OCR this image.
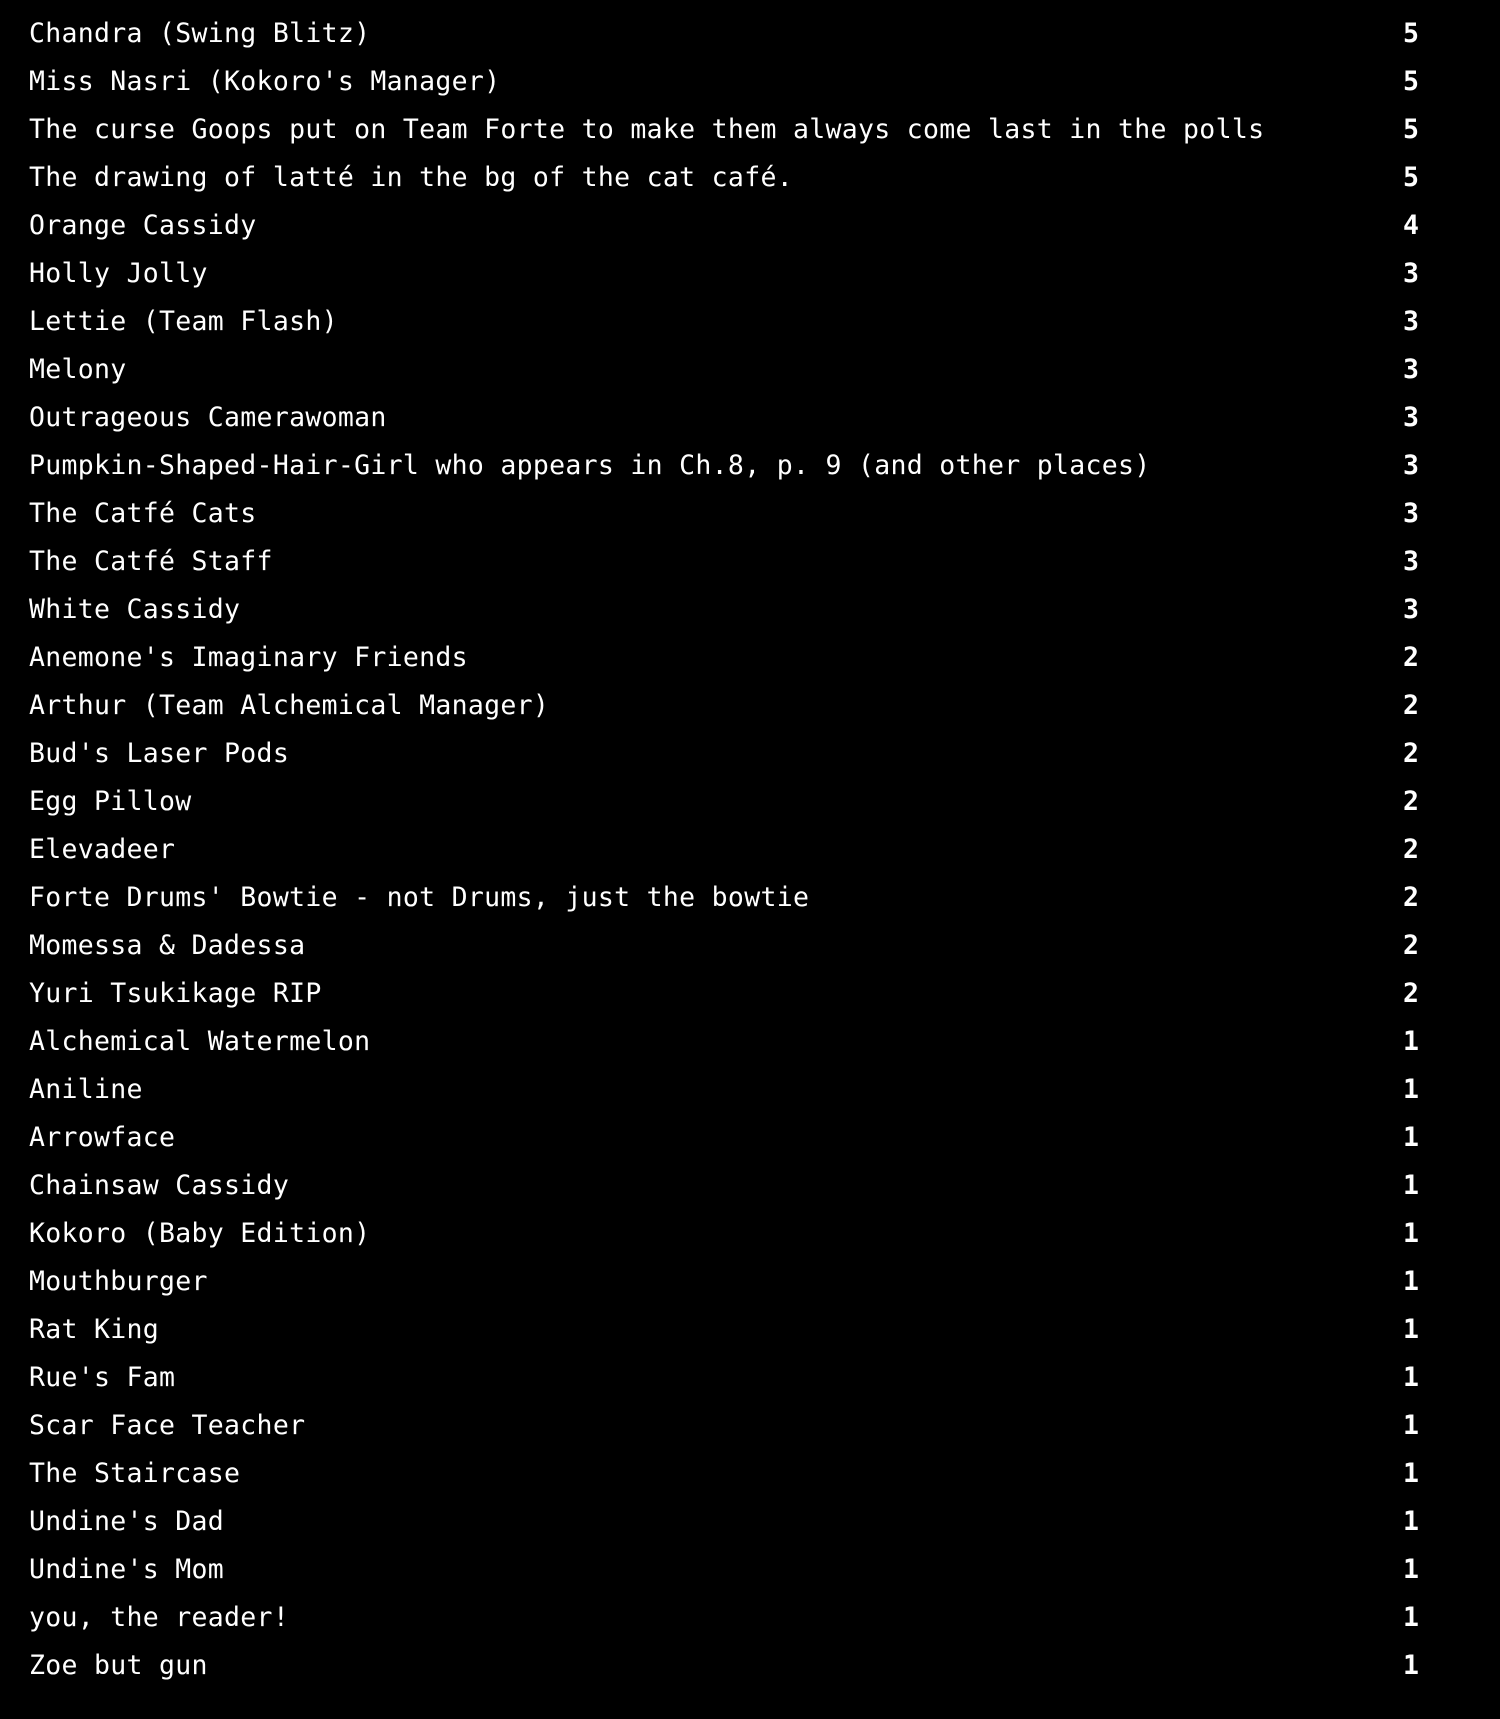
Chandra (Swing Blitz)	5
Miss Nasri (Kokoro's Manager)	5
The curse Goops put on Team Forte to make them always come last in the polls	5
The drawing of latté in the bg of the cat café.	5
Orange Cassidy	4
Holly Jolly	3
Lettie (Team Flash)	3
Melony	3
Outrageous Camerawoman	3
Pumpkin-Shaped-Hair-Girl who appears in Ch.8, p. 9 (and other places)	3
The Catfé Cats	3
The Catfé Staff	3
White Cassidy	3
Anemone's Imaginary Friends	2
Arthur (Team Alchemical Manager)	2
Bud's Laser Pods	2
Egg Pillow	2
Elevadeer	2
Forte Drums' Bowtie - not Drums, just the bowtie	2
Momessa & Dadessa	2
Yuri Tsukikage RIP	2
Alchemical Watermelon	1
Aniline	1
Arrowface	1
Chainsaw Cassidy	1
Kokoro (Baby Edition)	1
Mouthburger	1
Rat King	1
Rue's Fam	1
Scar Face Teacher	1
The Staircase	1
Undine's Dad	1
Undine's Mom	1
you, the reader!	1
Zoe but gun	1
